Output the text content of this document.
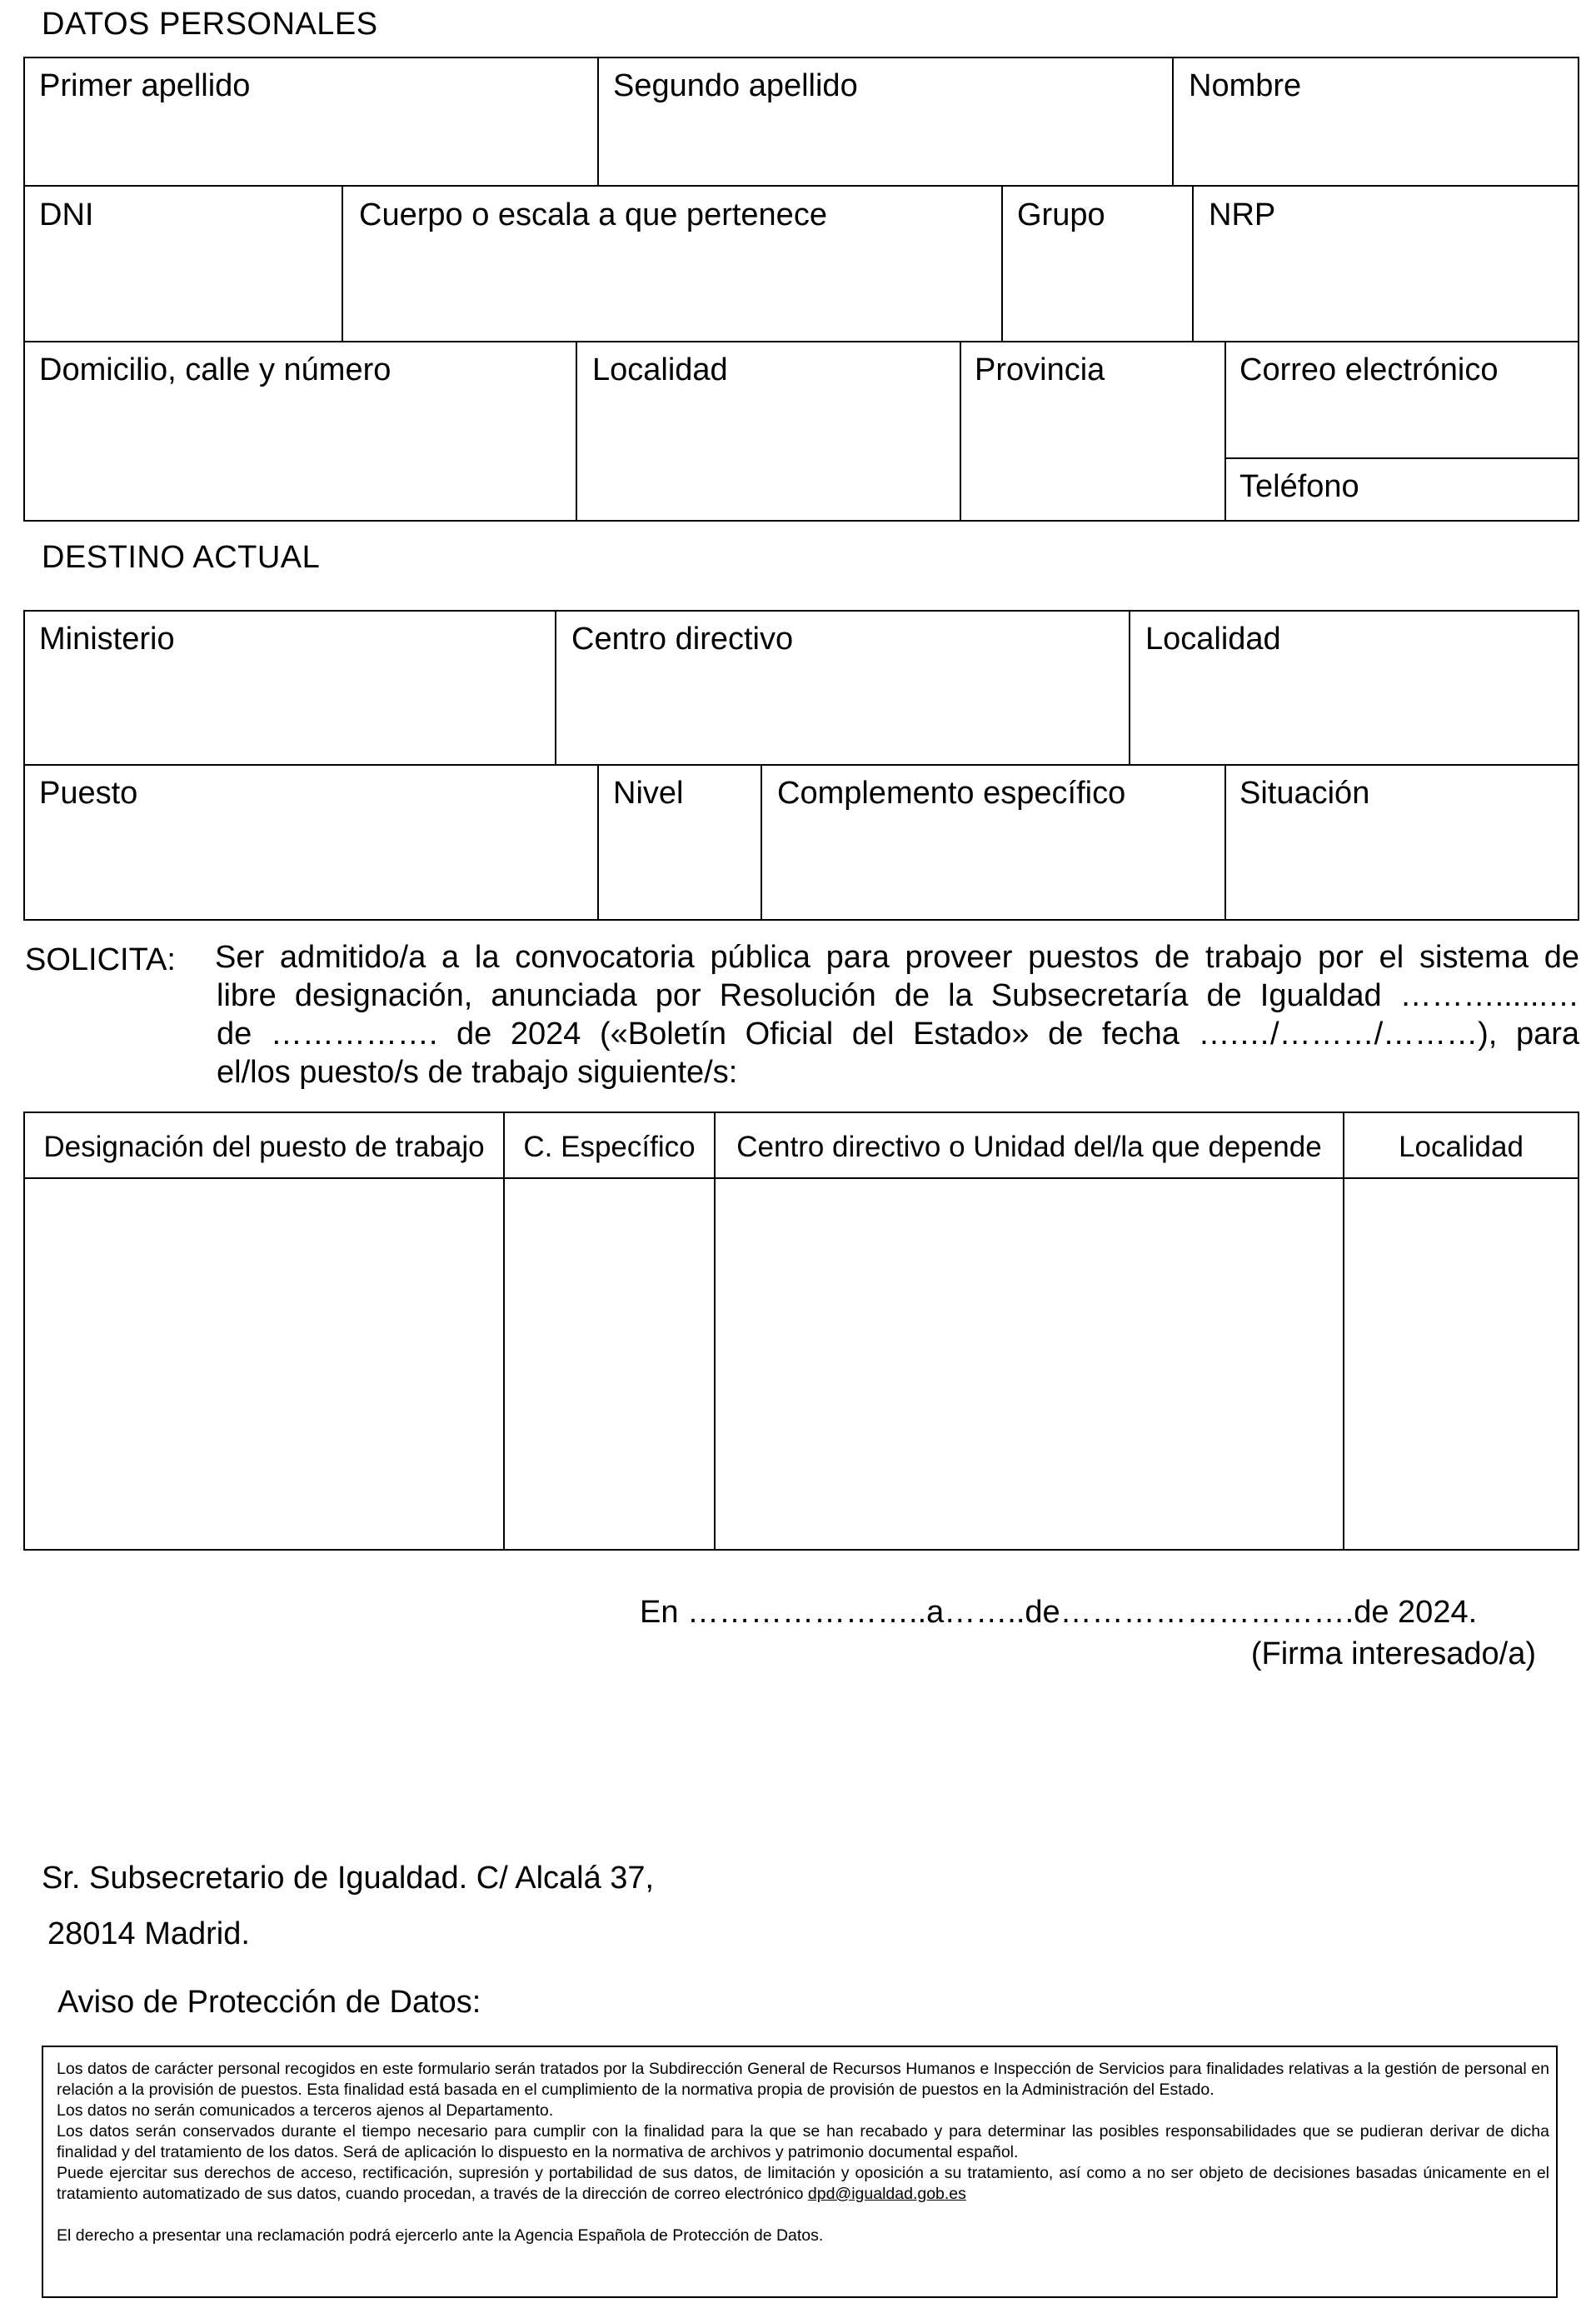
DATOS PERSONALES
Primer apellido	Segundo apellido	Nombre
DNI	Cuerpo o escala a que pertenece	Grupo	NRP
Domicilio, calle y número	Localidad	Provincia	Correo electrónico
Teléfono
DESTINO ACTUAL
Ministerio	Centro directivo	Localidad
Puesto	Nivel	Complemento específico	Situación
SOLICITA: Ser admitido/a a la convocatoria pública para proveer puestos de trabajo por el sistema de
libre designación, anunciada por Resolución de la Subsecretaría de Igualdad ………......…
de ……………. de 2024 («Boletín Oficial del Estado» de fecha ….…/………/………), para
el/los puesto/s de trabajo siguiente/s:
Designación del puesto de trabajo	C. Específico	Centro directivo o Unidad del/la que depende	Localidad
En …………………..a……..de……………………….de 2024.
(Firma interesado/a)
Sr. Subsecretario de Igualdad. C/ Alcalá 37,
28014 Madrid.
Aviso de Protección de Datos:

Los datos de carácter personal recogidos en este formulario serán tratados por la Subdirección General de Recursos Humanos e Inspección de Servicios para finalidades relativas a la gestión de personal en relación a la provisión de puestos. Esta finalidad está basada en el cumplimiento de la normativa propia de provisión de puestos en la Administración del Estado.

Los datos no serán comunicados a terceros ajenos al Departamento.

Los datos serán conservados durante el tiempo necesario para cumplir con la finalidad para la que se han recabado y para determinar las posibles responsabilidades que se pudieran derivar de dicha finalidad y del tratamiento de los datos. Será de aplicación lo dispuesto en la normativa de archivos y patrimonio documental español.

Puede ejercitar sus derechos de acceso, rectificación, supresión y portabilidad de sus datos, de limitación y oposición a su tratamiento, así como a no ser objeto de decisiones basadas únicamente en el tratamiento automatizado de sus datos, cuando procedan, a través de la dirección de correo electrónico dpd@igualdad.gob.es

El derecho a presentar una reclamación podrá ejercerlo ante la Agencia Española de Protección de Datos.
